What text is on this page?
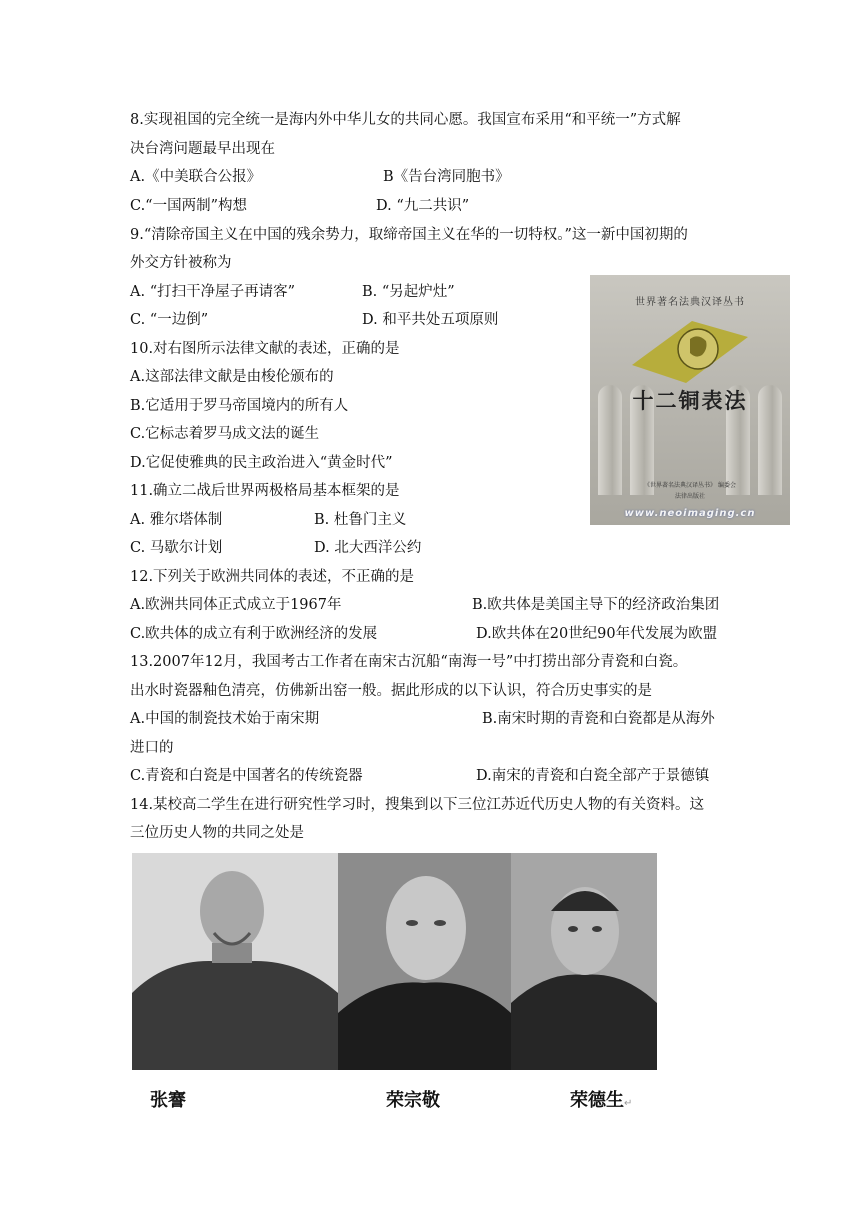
8.实现祖国的完全统一是海内外中华儿女的共同心愿。我国宣布采用“和平统一”方式解
决台湾问题最早出现在
A.《中美联合公报》	B《告台湾同胞书》
C.“一国两制”构想	D. “九二共识”
9.“清除帝国主义在中国的残余势力，取缔帝国主义在华的一切特权。”这一新中国初期的
外交方针被称为
A. “打扫干净屋子再请客”	B. “另起炉灶”
C. “一边倒”	D. 和平共处五项原则
10.对右图所示法律文献的表述，正确的是
A.这部法律文献是由梭伦颁布的
B.它适用于罗马帝国境内的所有人
C.它标志着罗马成文法的诞生
D.它促使雅典的民主政治进入“黄金时代”
世界著名法典汉译丛书
十二铜表法
《世界著名法典汉译丛书》 编委会
法律出版社
www.neoimaging.cn
11.确立二战后世界两极格局基本框架的是
A. 雅尔塔体制	B. 杜鲁门主义
C. 马歇尔计划	D. 北大西洋公约
12.下列关于欧洲共同体的表述，不正确的是
A.欧洲共同体正式成立于1967年	B.欧共体是美国主导下的经济政治集团
C.欧共体的成立有利于欧洲经济的发展	D.欧共体在20世纪90年代发展为欧盟
13.2007年12月，我国考古工作者在南宋古沉船“南海一号”中打捞出部分青瓷和白瓷。
出水时瓷器釉色清亮，仿佛新出窑一般。据此形成的以下认识，符合历史事实的是
A.中国的制瓷技术始于南宋期	B.南宋时期的青瓷和白瓷都是从海外
进口的
C.青瓷和白瓷是中国著名的传统瓷器	D.南宋的青瓷和白瓷全部产于景德镇
14.某校高二学生在进行研究性学习时，搜集到以下三位江苏近代历史人物的有关资料。这
三位历史人物的共同之处是
张謇	荣宗敬	荣德生↵
